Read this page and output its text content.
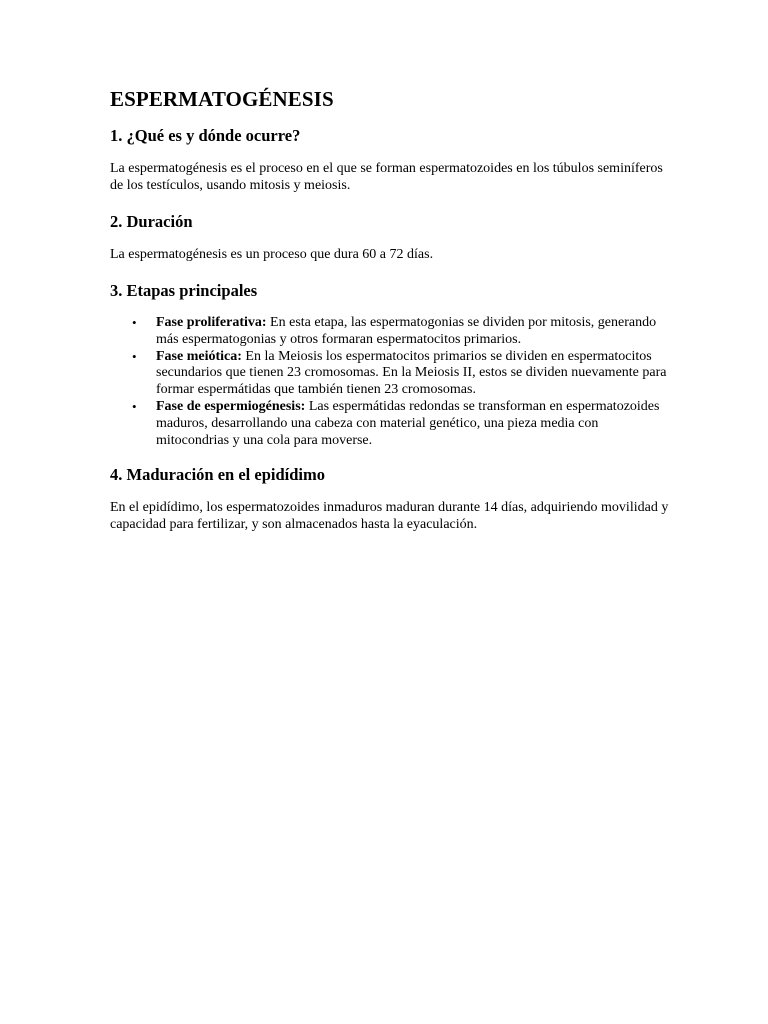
ESPERMATOGÉNESIS
1. ¿Qué es y dónde ocurre?

La espermatogénesis es el proceso en el que se forman espermatozoides en los túbulos seminíferos de los testículos, usando mitosis y meiosis.

2. Duración

La espermatogénesis es un proceso que dura 60 a 72 días.

3. Etapas principales
• Fase proliferativa: En esta etapa, las espermatogonias se dividen por mitosis, generando más espermatogonias y otros formaran espermatocitos primarios.
• Fase meiótica: En la Meiosis los espermatocitos primarios se dividen en espermatocitos secundarios que tienen 23 cromosomas. En la Meiosis II, estos se dividen nuevamente para formar espermátidas que también tienen 23 cromosomas.
• Fase de espermiogénesis: Las espermátidas redondas se transforman en espermatozoides maduros, desarrollando una cabeza con material genético, una pieza media con mitocondrias y una cola para moverse.
4. Maduración en el epidídimo

En el epidídimo, los espermatozoides inmaduros maduran durante 14 días, adquiriendo movilidad y capacidad para fertilizar, y son almacenados hasta la eyaculación.
